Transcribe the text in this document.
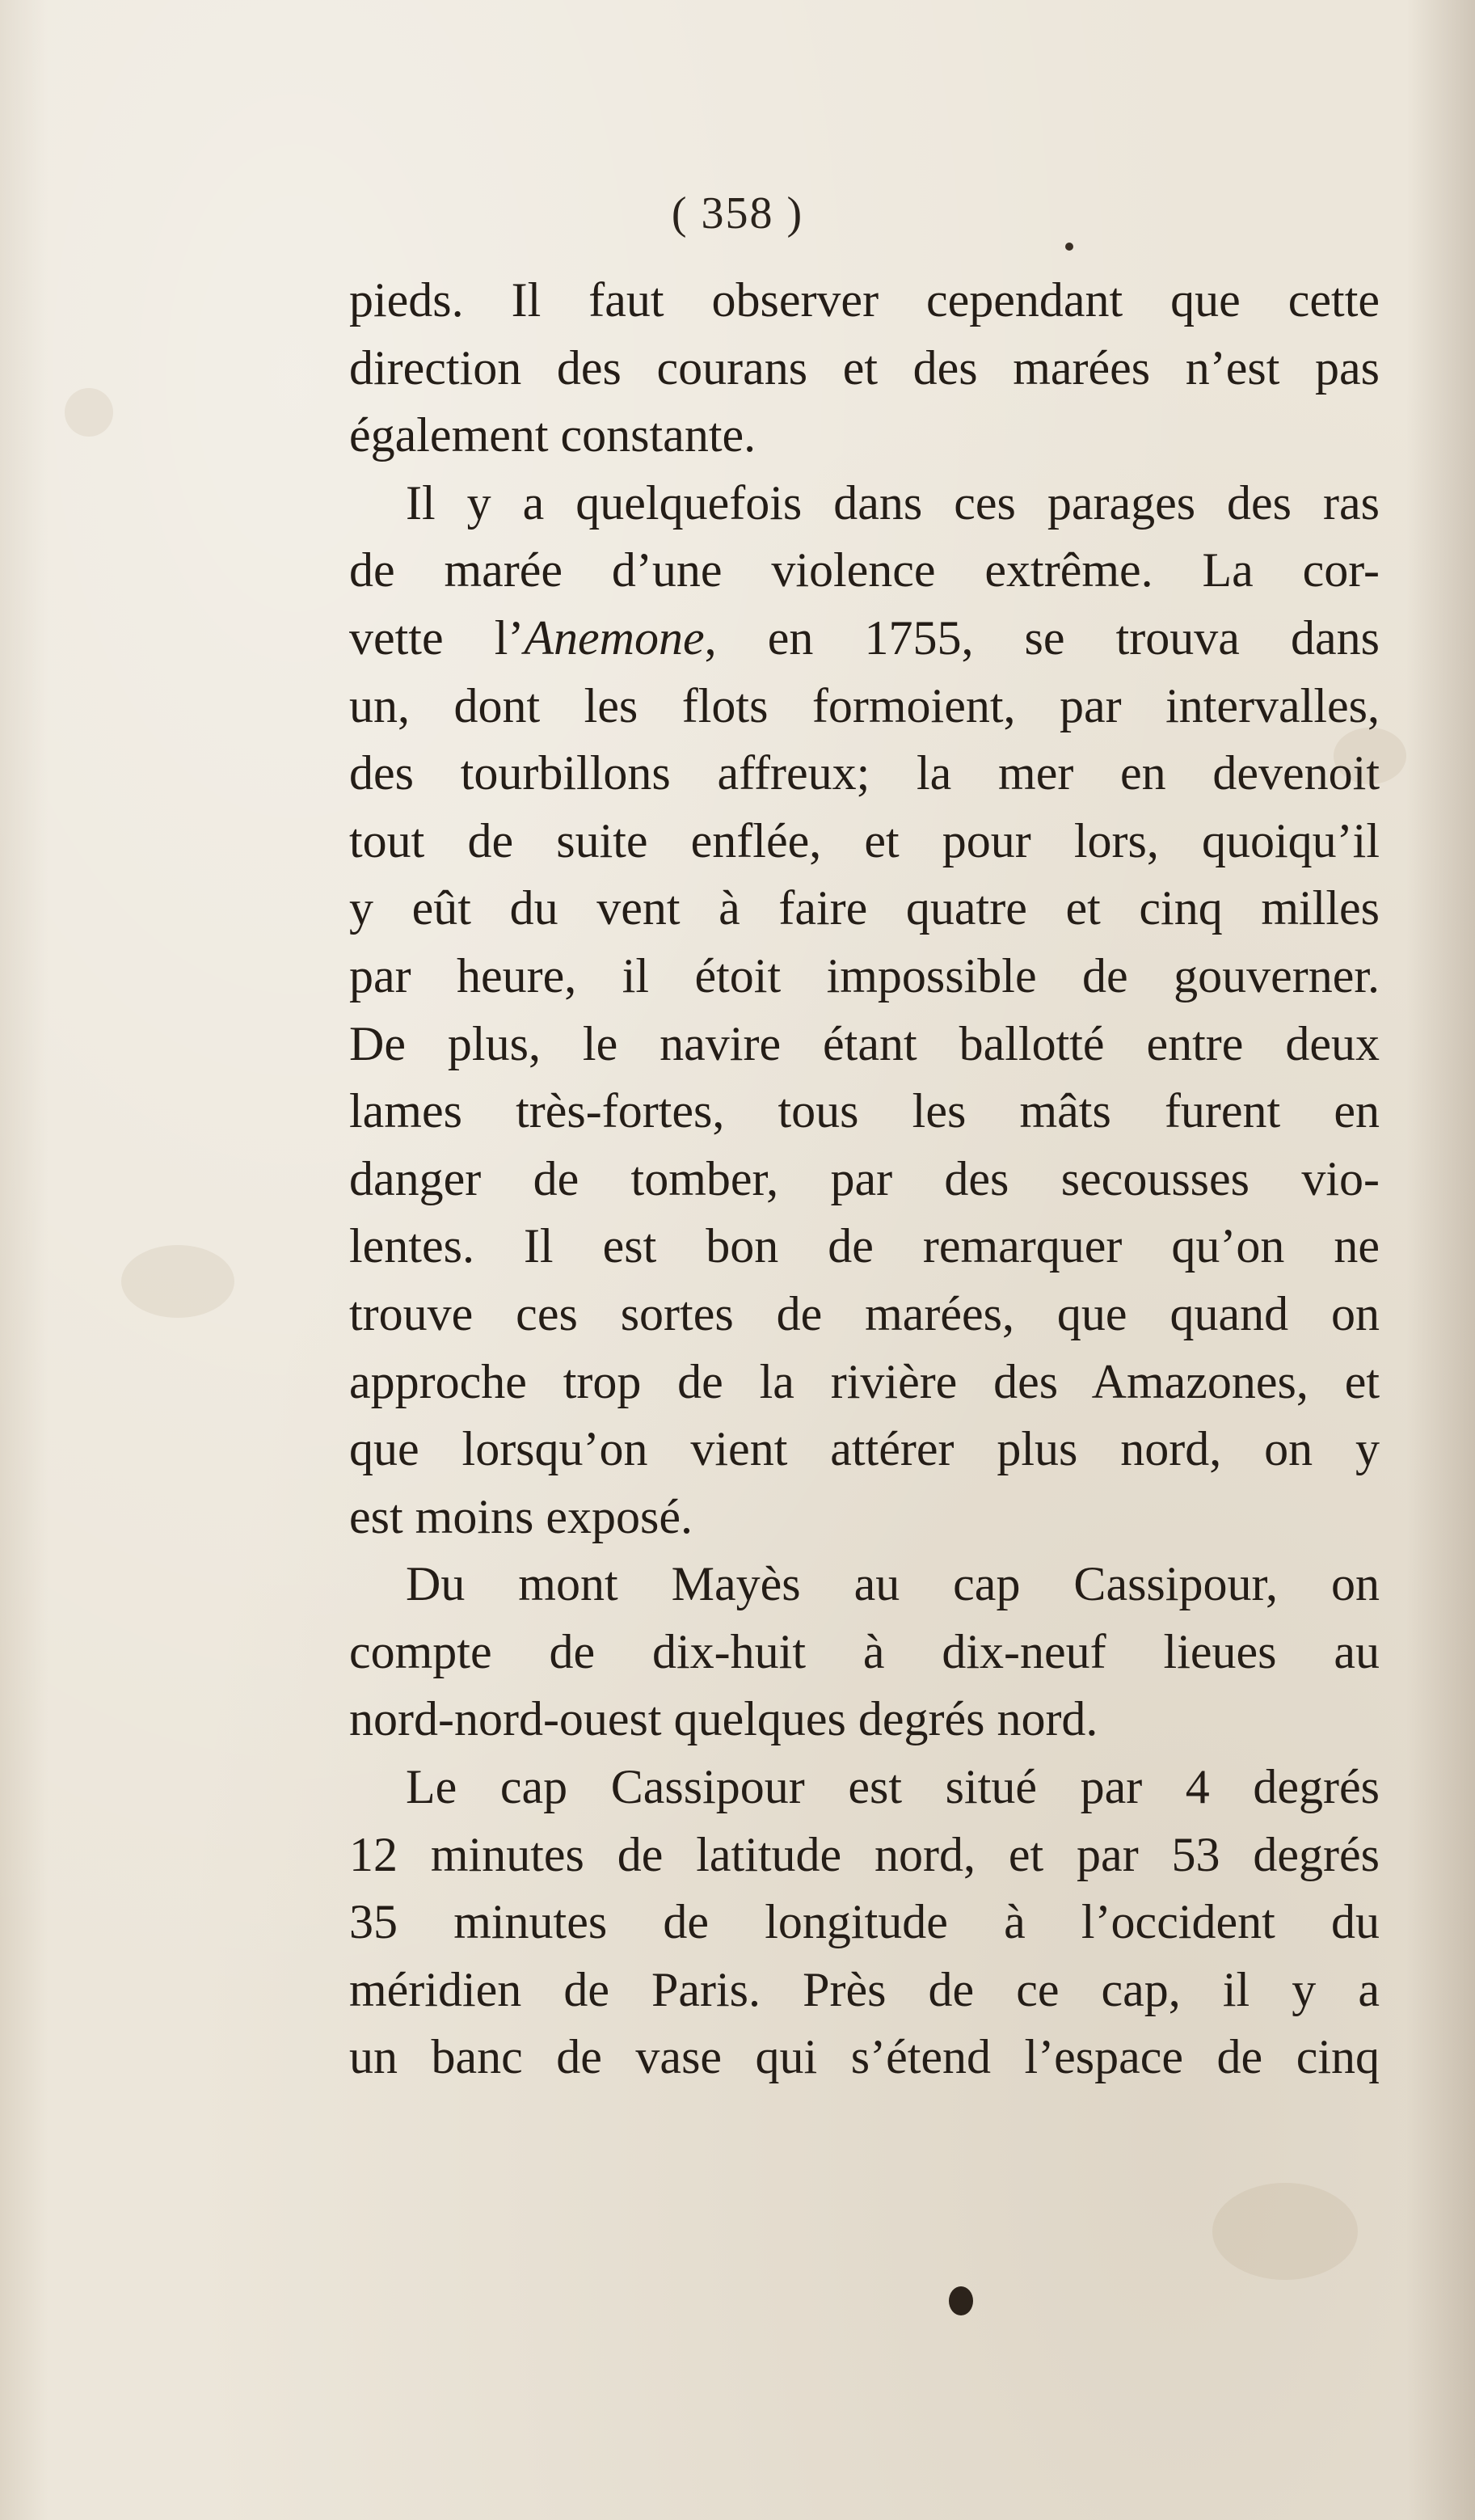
( 358 )
pieds. Il faut observer cependant que cette
direction des courans et des marées n’est pas
également constante.
Il y a quelquefois dans ces parages des ras
de marée d’une violence extrême. La cor-
vette l’Anemone, en 1755, se trouva dans
un, dont les flots formoient, par intervalles,
des tourbillons affreux; la mer en devenoit
tout de suite enflée, et pour lors, quoiqu’il
y eût du vent à faire quatre et cinq milles
par heure, il étoit impossible de gouverner.
De plus, le navire étant ballotté entre deux
lames très-fortes, tous les mâts furent en
danger de tomber, par des secousses vio-
lentes. Il est bon de remarquer qu’on ne
trouve ces sortes de marées, que quand on
approche trop de la rivière des Amazones, et
que lorsqu’on vient attérer plus nord, on y
est moins exposé.
Du mont Mayès au cap Cassipour, on
compte de dix-huit à dix-neuf lieues au
nord-nord-ouest quelques degrés nord.
Le cap Cassipour est situé par 4 degrés
12 minutes de latitude nord, et par 53 degrés
35 minutes de longitude à l’occident du
méridien de Paris. Près de ce cap, il y a
un banc de vase qui s’étend l’espace de cinq
